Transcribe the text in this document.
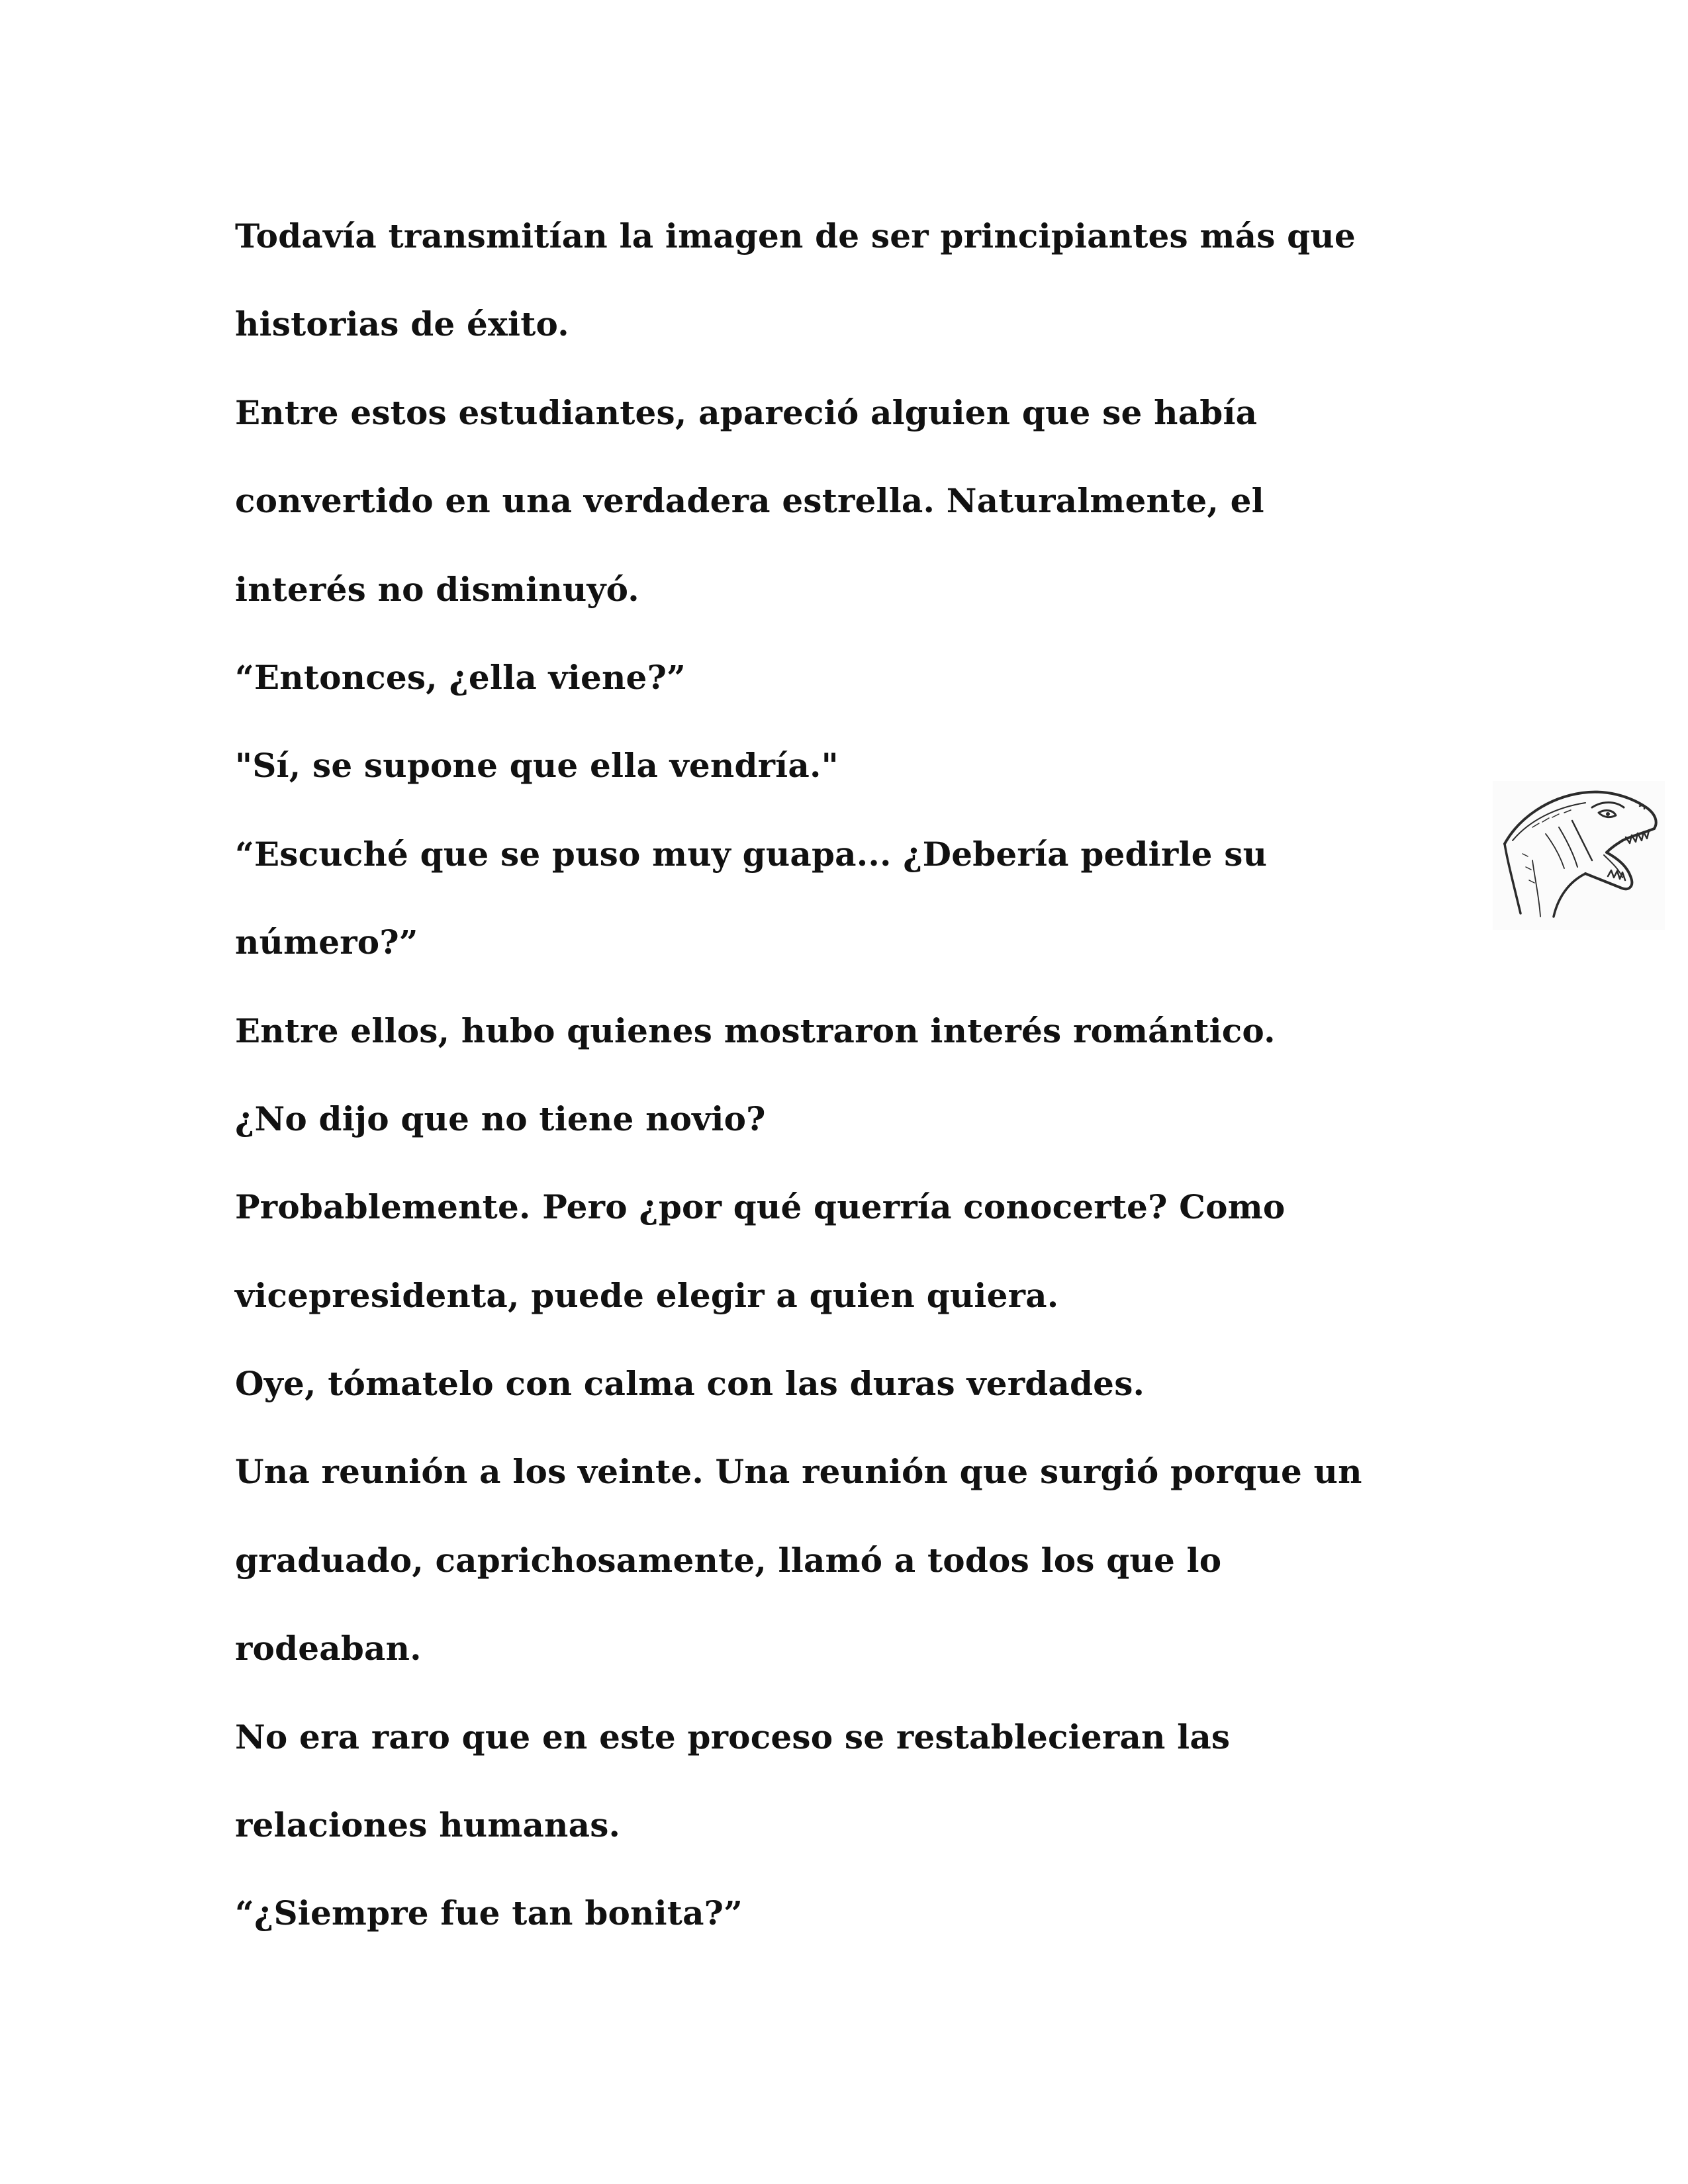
Todavía transmitían la imagen de ser principiantes más que
historias de éxito.
Entre estos estudiantes, apareció alguien que se había
convertido en una verdadera estrella. Naturalmente, el
interés no disminuyó.
“Entonces, ¿ella viene?”
"Sí, se supone que ella vendría."
“Escuché que se puso muy guapa... ¿Debería pedirle su
número?”
Entre ellos, hubo quienes mostraron interés romántico.
¿No dijo que no tiene novio?
Probablemente. Pero ¿por qué querría conocerte? Como
vicepresidenta, puede elegir a quien quiera.
Oye, tómatelo con calma con las duras verdades.
Una reunión a los veinte. Una reunión que surgió porque un
graduado, caprichosamente, llamó a todos los que lo
rodeaban.
No era raro que en este proceso se restablecieran las
relaciones humanas.
“¿Siempre fue tan bonita?”
